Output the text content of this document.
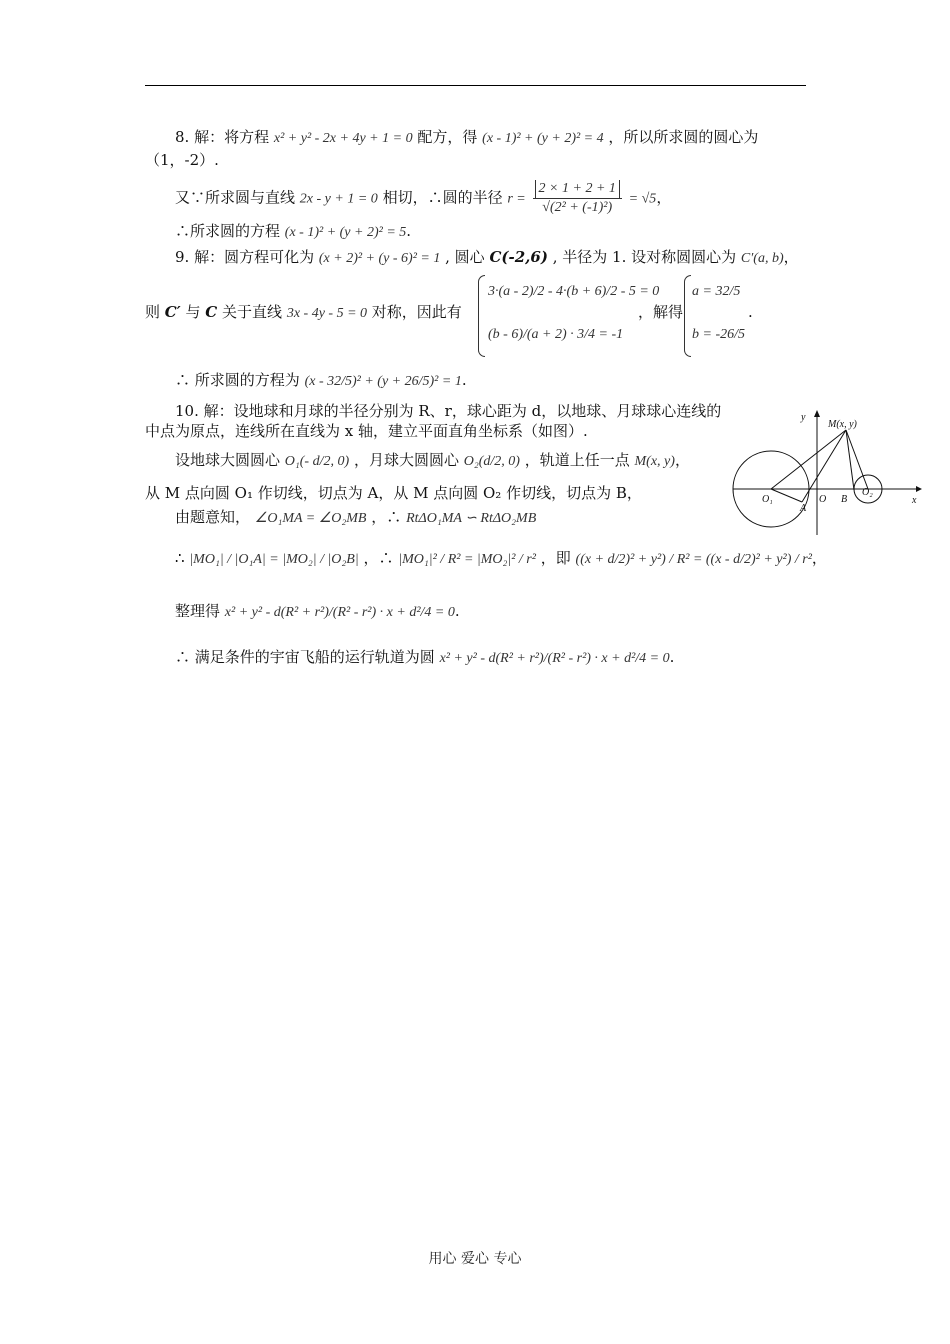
8. 解：将方程 x² + y² - 2x + 4y + 1 = 0 配方，得 (x - 1)² + (y + 2)² = 4 ，所以所求圆的圆心为
（1，-2）.
又∵所求圆与直线 2x - y + 1 = 0 相切，∴圆的半径 $r = \frac{2 \times 1 + 2 + 1}{\text{√(2² + (-1)²)}} = √5$，
∴所求圆的方程 (x - 1)² + (y + 2)² = 5.
9. 解：圆方程可化为 (x + 2)² + (y - 6)² = 1 , 圆心 C(-2,6) , 半径为 1. 设对称圆圆心为 C′(a, b)，
则 C′ 与 C 关于直线 3x - 4y - 5 = 0 对称，因此有
3·(a - 2)/2 - 4·(b + 6)/2 - 5 = 0
(b - 6)/(a + 2) · 3/4 = -1
，解得
a = 32/5
b = -26/5
.
∴ 所求圆的方程为 (x - 32/5)² + (y + 26/5)² = 1.
10. 解：设地球和月球的半径分别为 R、r，球心距为 d，以地球、月球球心连线的
中点为原点，连线所在直线为 x 轴，建立平面直角坐标系（如图）.
设地球大圆圆心 O₁(- d/2, 0) ，月球大圆圆心 O₂(d/2, 0) ，轨道上任一点 M(x, y)，
从 M 点向圆 O₁ 作切线，切点为 A，从 M 点向圆 O₂ 作切线，切点为 B，
由题意知， ∠O₁MA = ∠O₂MB ，∴ RtΔO₁MA ∽ RtΔO₂MB
∴ |MO₁| / |O₁A| = |MO₂| / |O₂B| ，∴ |MO₁|² / R² = |MO₂|² / r² ，即 ((x + d/2)² + y²) / R² = ((x - d/2)² + y²) / r²，
整理得 x² + y² - d(R² + r²)/(R² - r²) · x + d²/4 = 0.
∴ 满足条件的宇宙飞船的运行轨道为圆 x² + y² - d(R² + r²)/(R² - r²) · x + d²/4 = 0.
y
x
M(x, y)
O₁
A
O B
O₂
用心 爱心 专心
